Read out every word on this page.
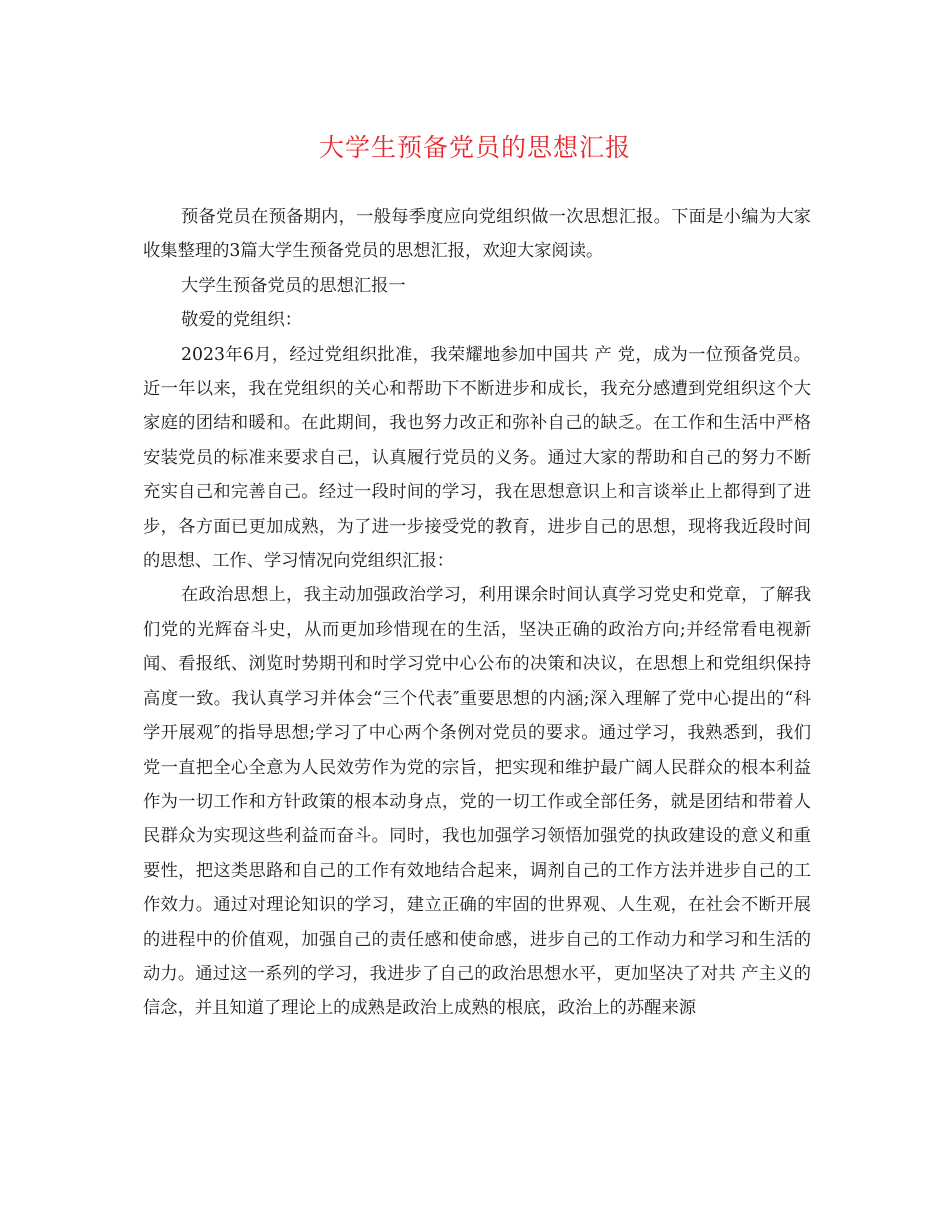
大学生预备党员的思想汇报

预备党员在预备期内，一般每季度应向党组织做一次思想汇报。下面是小编为大家收集整理的3篇大学生预备党员的思想汇报，欢迎大家阅读。

大学生预备党员的思想汇报一

敬爱的党组织：

2023年6月，经过党组织批准，我荣耀地参加中国共 产 党，成为一位预备党员。近一年以来，我在党组织的关心和帮助下不断进步和成长，我充分感遭到党组织这个大家庭的团结和暖和。在此期间，我也努力改正和弥补自己的缺乏。在工作和生活中严格安装党员的标准来要求自己，认真履行党员的义务。通过大家的帮助和自己的努力不断充实自己和完善自己。经过一段时间的学习，我在思想意识上和言谈举止上都得到了进步，各方面已更加成熟，为了进一步接受党的教育，进步自己的思想，现将我近段时间的思想、工作、学习情况向党组织汇报：

在政治思想上，我主动加强政治学习，利用课余时间认真学习党史和党章，了解我们党的光辉奋斗史，从而更加珍惜现在的生活，坚决正确的政治方向;并经常看电视新闻、看报纸、浏览时势期刊和时学习党中心公布的决策和决议，在思想上和党组织保持高度一致。我认真学习并体会“三个代表″重要思想的内涵;深入理解了党中心提出的“科学开展观″的指导思想;学习了中心两个条例对党员的要求。通过学习，我熟悉到，我们党一直把全心全意为人民效劳作为党的宗旨，把实现和维护最广阔人民群众的根本利益作为一切工作和方针政策的根本动身点，党的一切工作或全部任务，就是团结和带着人民群众为实现这些利益而奋斗。同时，我也加强学习领悟加强党的执政建设的意义和重要性，把这类思路和自己的工作有效地结合起来，调剂自己的工作方法并进步自己的工作效力。通过对理论知识的学习，建立正确的牢固的世界观、人生观，在社会不断开展的进程中的价值观，加强自己的责任感和使命感，进步自己的工作动力和学习和生活的动力。通过这一系列的学习，我进步了自己的政治思想水平，更加坚决了对共 产主义的信念，并且知道了理论上的成熟是政治上成熟的根底，政治上的苏醒来源
